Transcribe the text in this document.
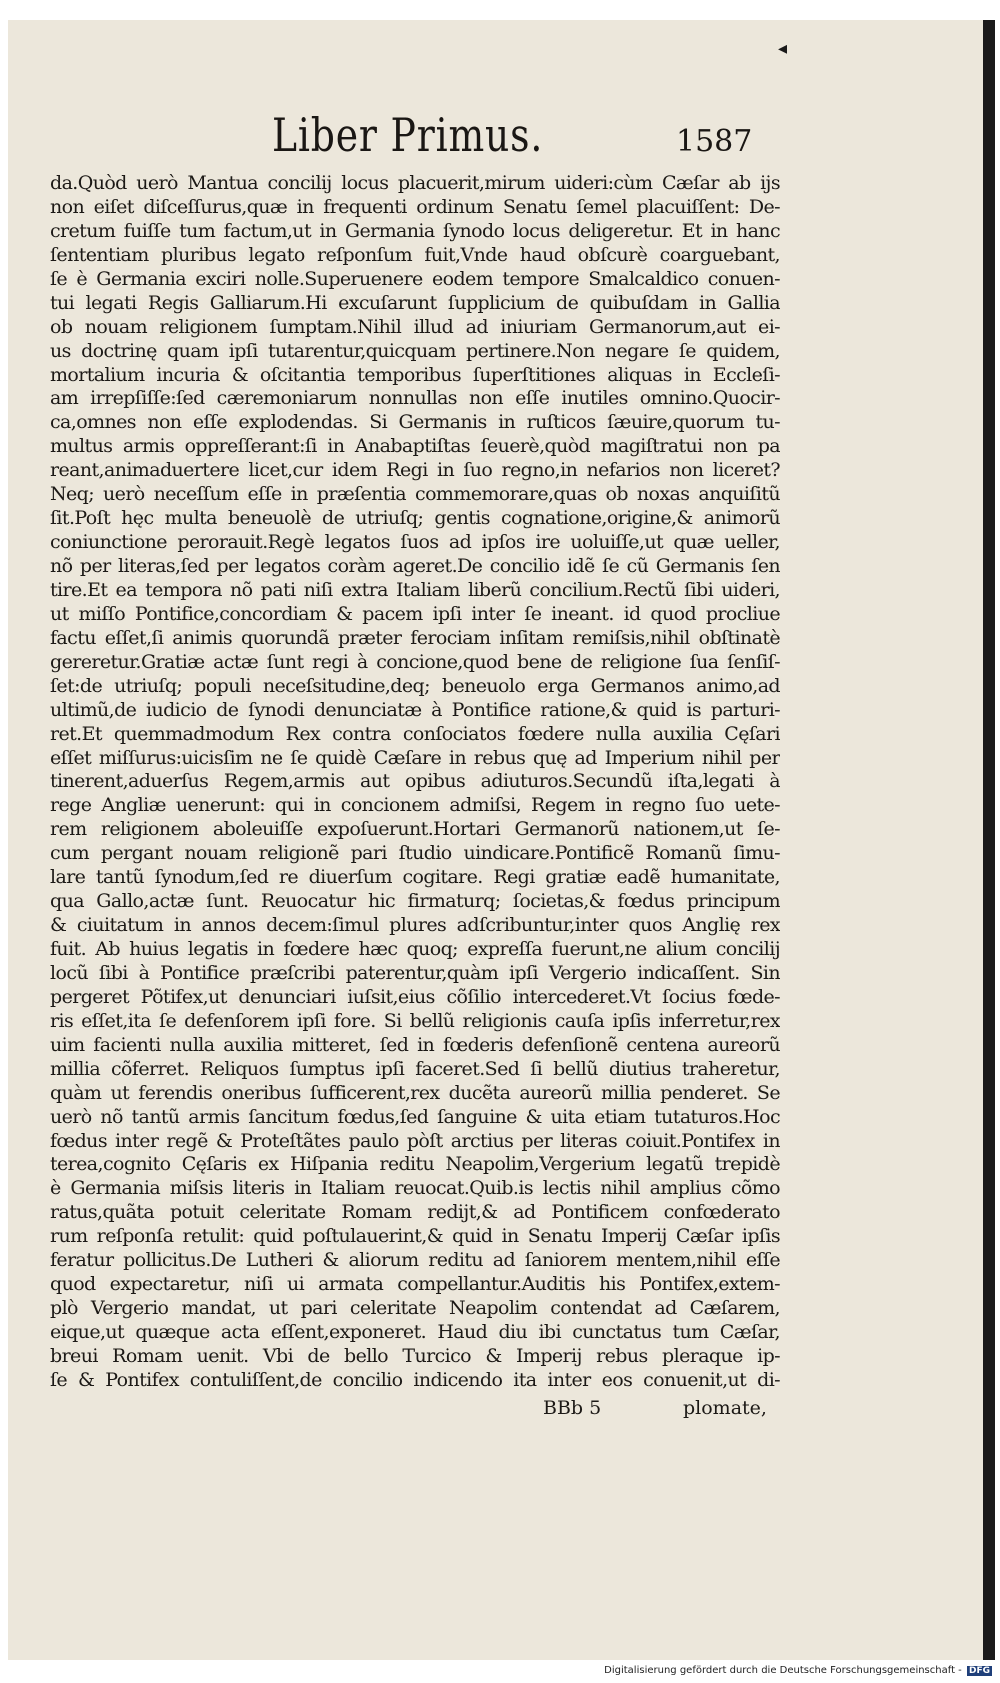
◂
Liber Primus.	1587
da.Quòd uerò Mantua concilij locus placuerit,mirum uideri:cùm Cæſar ab ijs
non eiſet diſceſſurus,quæ in frequenti ordinum Senatu ſemel placuiſſent: De-
cretum fuiſſe tum factum,ut in Germania ſynodo locus deligeretur. Et in hanc
ſententiam pluribus legato reſponſum fuit,Vnde haud obſcurè coarguebant,
ſe è Germania exciri nolle.Superuenere eodem tempore Smalcaldico conuen-
tui legati Regis Galliarum.Hi excuſarunt ſupplicium de quibuſdam in Gallia
ob nouam religionem ſumptam.Nihil illud ad iniuriam Germanorum,aut ei-
us doctrinę quam ipſi tutarentur,quicquam pertinere.Non negare ſe quidem,
mortalium incuria & oſcitantia temporibus ſuperſtitiones aliquas in Eccleſi-
am irrepſiſſe:ſed cæremoniarum nonnullas non eſſe inutiles omnino.Quocir-
ca,omnes non eſſe explodendas. Si Germanis in ruſticos ſæuire,quorum tu-
multus armis oppreſſerant:ſi in Anabaptiſtas ſeuerè,quòd magiſtratui non pa
reant,animaduertere licet,cur idem Regi in ſuo regno,in nefarios non liceret?
Neq; uerò neceſſum eſſe in præſentia commemorare,quas ob noxas anquiſitũ
ſit.Poſt hęc multa beneuolè de utriuſq; gentis cognatione,origine,& animorũ
coniunctione perorauit.Regè legatos ſuos ad ipſos ire uoluiſſe,ut quæ ueller,
nõ per literas,ſed per legatos coràm ageret.De concilio idẽ ſe cũ Germanis ſen
tire.Et ea tempora nõ pati niſi extra Italiam liberũ concilium.Rectũ ſibi uideri,
ut miſſo Pontifice,concordiam & pacem ipſi inter ſe ineant. id quod procliue
factu eſſet,ſi animis quorundã præter ferociam inſitam remiſsis,nihil obſtinatè
gereretur.Gratiæ actæ ſunt regi à concione,quod bene de religione ſua ſenſiſ-
ſet:de utriuſq; populi neceſsitudine,deq; beneuolo erga Germanos animo,ad
ultimũ,de iudicio de ſynodi denunciatæ à Pontifice ratione,& quid is parturi-
ret.Et quemmadmodum Rex contra conſociatos fœdere nulla auxilia Cęſari
eſſet miſſurus:uicisſim ne ſe quidè Cæſare in rebus quę ad Imperium nihil per
tinerent,aduerſus Regem,armis aut opibus adiuturos.Secundũ iſta,legati à
rege Angliæ uenerunt: qui in concionem admiſsi, Regem in regno ſuo uete-
rem religionem aboleuiſſe expoſuerunt.Hortari Germanorũ nationem,ut ſe-
cum pergant nouam religionẽ pari ſtudio uindicare.Pontificẽ Romanũ ſimu-
lare tantũ ſynodum,ſed re diuerſum cogitare. Regi gratiæ eadẽ humanitate,
qua Gallo,actæ ſunt. Reuocatur hic firmaturq; ſocietas,& fœdus principum
& ciuitatum in annos decem:ſimul plures adſcribuntur,inter quos Anglię rex
fuit. Ab huius legatis in fœdere hæc quoq; expreſſa fuerunt,ne alium concilij
locũ ſibi à Pontifice præſcribi paterentur,quàm ipſi Vergerio indicaſſent. Sin
pergeret Põtifex,ut denunciari iuſsit,eius cõſilio intercederet.Vt ſocius fœde-
ris eſſet,ita ſe defenſorem ipſi fore. Si bellũ religionis cauſa ipſis inferretur,rex
uim facienti nulla auxilia mitteret, ſed in fœderis defenſionẽ centena aureorũ
millia cõferret. Reliquos ſumptus ipſi faceret.Sed ſi bellũ diutius traheretur,
quàm ut ferendis oneribus ſufficerent,rex ducẽta aureorũ millia penderet. Se
uerò nõ tantũ armis ſancitum fœdus,ſed ſanguine & uita etiam tutaturos.Hoc
fœdus inter regẽ & Proteſtãtes paulo pòſt arctius per literas coiuit.Pontifex in
terea,cognito Cęſaris ex Hiſpania reditu Neapolim,Vergerium legatũ trepidè
è Germania miſsis literis in Italiam reuocat.Quib.is lectis nihil amplius cõmo
ratus,quãta potuit celeritate Romam redijt,& ad Pontificem confœderato
rum reſponſa retulit: quid poſtulauerint,& quid in Senatu Imperij Cæſar ipſis
feratur pollicitus.De Lutheri & aliorum reditu ad ſaniorem mentem,nihil eſſe
quod expectaretur, niſi ui armata compellantur.Auditis his Pontifex,extem-
plò Vergerio mandat, ut pari celeritate Neapolim contendat ad Cæſarem,
eique,ut quæque acta eſſent,exponeret. Haud diu ibi cunctatus tum Cæſar,
breui Romam uenit. Vbi de bello Turcico & Imperij rebus pleraque ip-
ſe & Pontifex contuliſſent,de concilio indicendo ita inter eos conuenit,ut di-
BBb 5	plomate,
Digitalisierung gefördert durch die Deutsche Forschungsgemeinschaft - DFG
